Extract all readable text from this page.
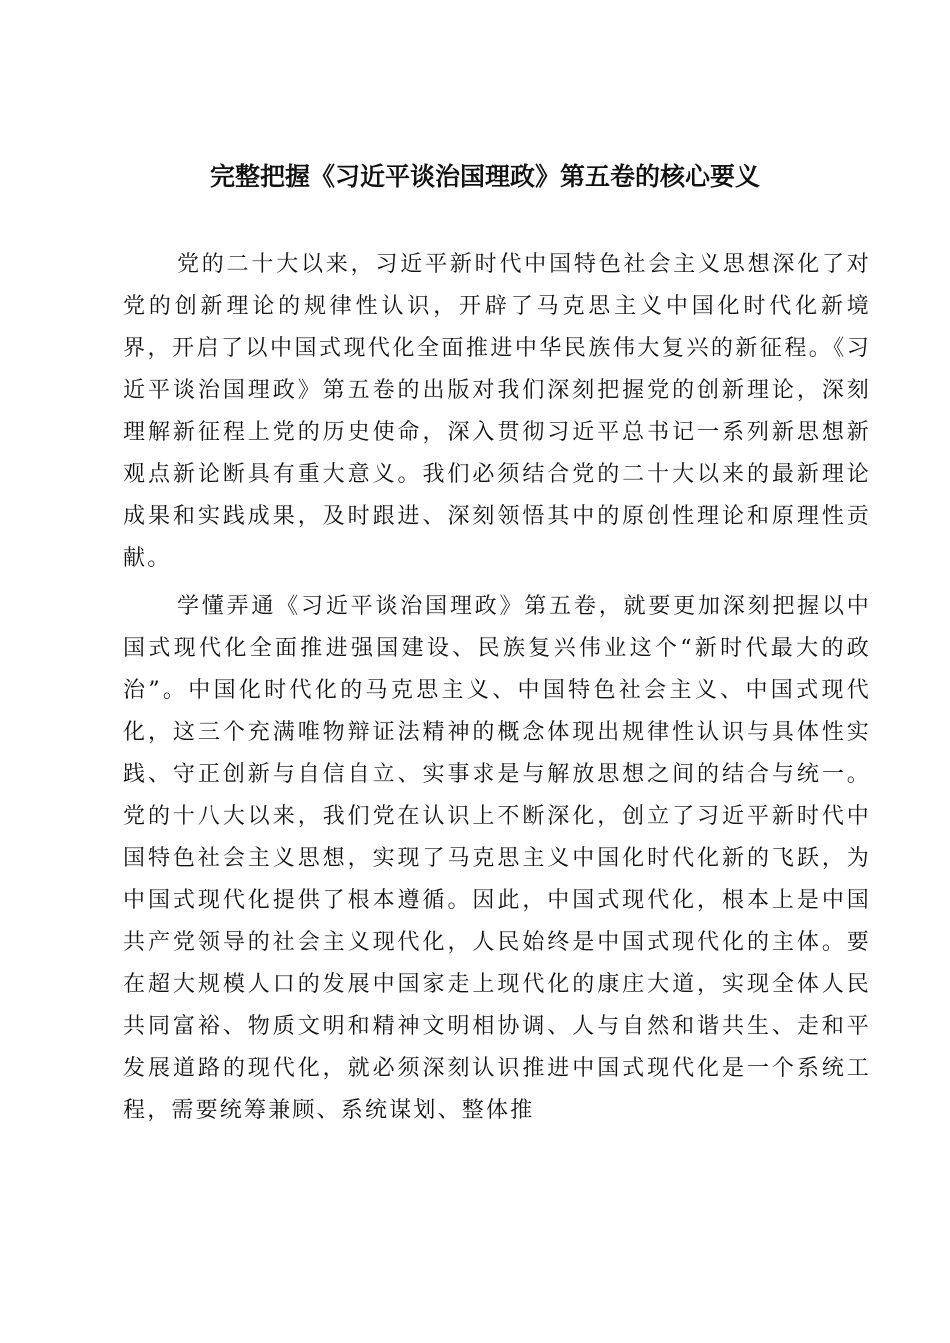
完整把握《习近平谈治国理政》第五卷的核心要义

党的二十大以来，习近平新时代中国特色社会主义思想深化了对党的创新理论的规律性认识，开辟了马克思主义中国化时代化新境界，开启了以中国式现代化全面推进中华民族伟大复兴的新征程。《习近平谈治国理政》第五卷的出版对我们深刻把握党的创新理论，深刻理解新征程上党的历史使命，深入贯彻习近平总书记一系列新思想新观点新论断具有重大意义。我们必须结合党的二十大以来的最新理论成果和实践成果，及时跟进、深刻领悟其中的原创性理论和原理性贡献。

学懂弄通《习近平谈治国理政》第五卷，就要更加深刻把握以中国式现代化全面推进强国建设、民族复兴伟业这个“新时代最大的政治”。中国化时代化的马克思主义、中国特色社会主义、中国式现代化，这三个充满唯物辩证法精神的概念体现出规律性认识与具体性实践、守正创新与自信自立、实事求是与解放思想之间的结合与统一。党的十八大以来，我们党在认识上不断深化，创立了习近平新时代中国特色社会主义思想，实现了马克思主义中国化时代化新的飞跃，为中国式现代化提供了根本遵循。因此，中国式现代化，根本上是中国共产党领导的社会主义现代化，人民始终是中国式现代化的主体。要在超大规模人口的发展中国家走上现代化的康庄大道，实现全体人民共同富裕、物质文明和精神文明相协调、人与自然和谐共生、走和平发展道路的现代化，就必须深刻认识推进中国式现代化是一个系统工程，需要统筹兼顾、系统谋划、整体推
